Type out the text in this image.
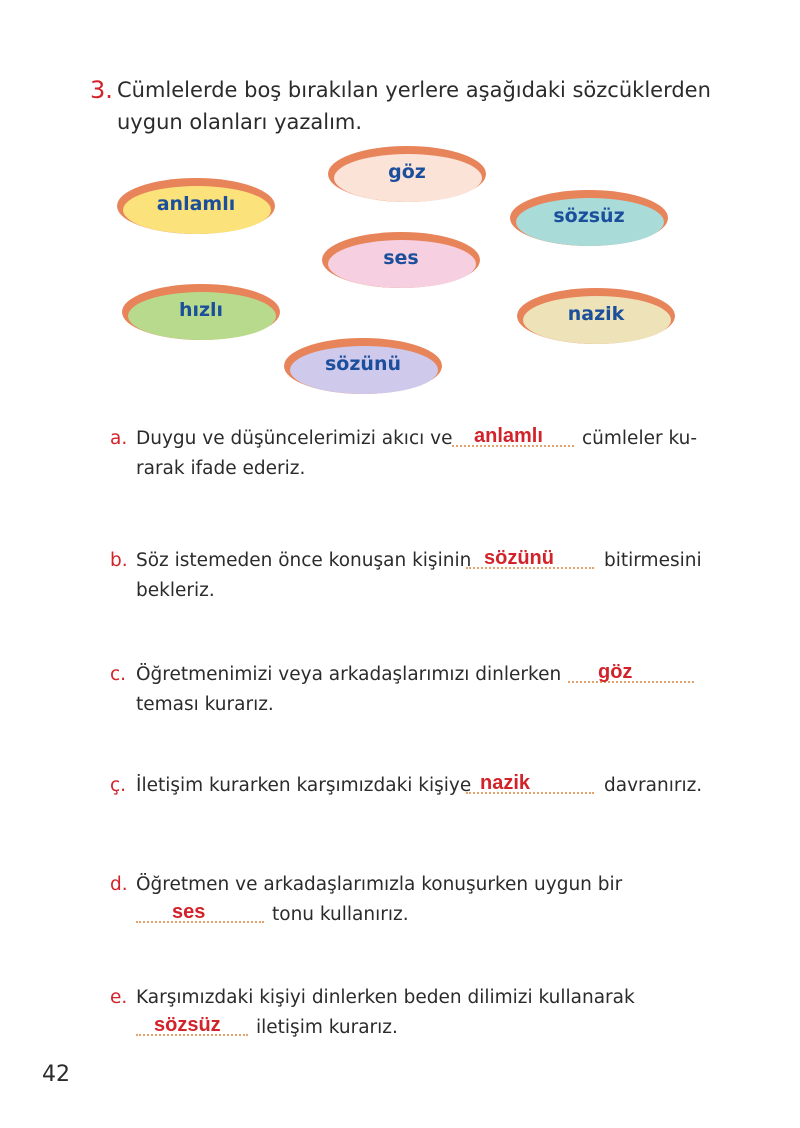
3. Cümlelerde boş bırakılan yerlere aşağıdaki sözcüklerden
uygun olanları yazalım.
göz
anlamlı
sözsüz
ses
hızlı	nazik
sözünü
a. Duygu ve düşüncelerimizi akıcı ve anlamlı cümleler ku-
rarak ifade ederiz.
b. Söz istemeden önce konuşan kişinin sözünü	bitirmesini
bekleriz.
c. Öğretmenimizi veya arkadaşlarımızı dinlerken göz
teması kurarız.
ç. İletişim kurarken karşımızdaki kişiye nazik	davranırız.
d. Öğretmen ve arkadaşlarımızla konuşurken uygun bir
ses	tonu kullanırız.
e. Karşımızdaki kişiyi dinlerken beden dilimizi kullanarak
sözsüz iletişim kurarız.
42
